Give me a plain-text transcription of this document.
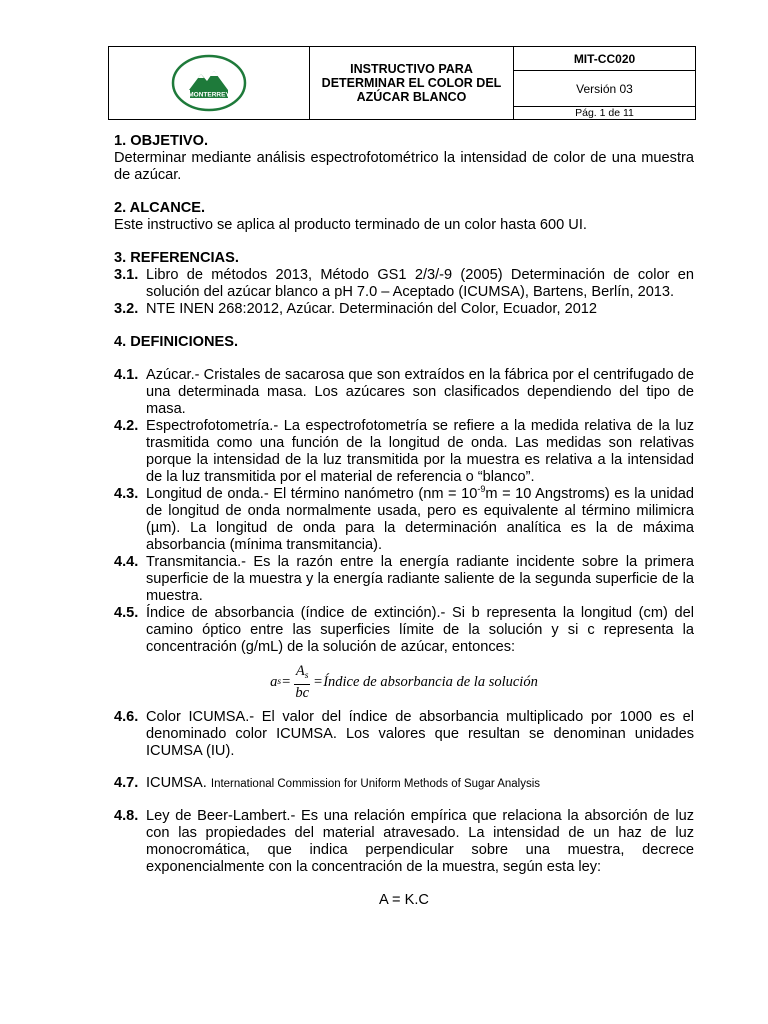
MONTERREY
	INSTRUCTIVO PARA DETERMINAR EL COLOR DEL AZÚCAR BLANCO	MIT-CC020
Versión 03
Pág. 1 de 11

1. OBJETIVO.

Determinar mediante análisis espectrofotométrico la intensidad de color de una muestra de azúcar.

2. ALCANCE.

Este instructivo se aplica al producto terminado de un color hasta 600 UI.

3. REFERENCIAS.

3.1. Libro de métodos 2013, Método GS1 2/3/-9 (2005) Determinación de color en solución del azúcar blanco a pH 7.0 – Aceptado (ICUMSA), Bartens, Berlín, 2013.
3.2. NTE INEN 268:2012, Azúcar. Determinación del Color, Ecuador, 2012

4. DEFINICIONES.

4.1. Azúcar.- Cristales de sacarosa que son extraídos en la fábrica por el centrifugado de una determinada masa. Los azúcares son clasificados dependiendo del tipo de masa.
4.2. Espectrofotometría.- La espectrofotometría se refiere a la medida relativa de la luz trasmitida como una función de la longitud de onda. Las medidas son relativas porque la intensidad de la luz transmitida por la muestra es relativa a la intensidad de la luz transmitida por el material de referencia o “blanco”.
4.3. Longitud de onda.- El término nanómetro ($nm = 10^{-9}m = 10$ Angstroms) es la unidad de longitud de onda normalmente usada, pero es equivalente al término milimicra (µm). La longitud de onda para la determinación analítica es la de máxima absorbancia (mínima transmitancia).
4.4. Transmitancia.- Es la razón entre la energía radiante incidente sobre la primera superficie de la muestra y la energía radiante saliente de la segunda superficie de la muestra.
4.5. Índice de absorbancia (índice de extinción).- Si b representa la longitud (cm) del camino óptico entre las superficies límite de la solución y si c representa la concentración (g/mL) de la solución de azúcar, entonces:
a $s = \frac{A_s}{bc}$ = Índice de absorbancia de la solución
4.6. Color ICUMSA.- El valor del índice de absorbancia multiplicado por 1000 es el denominado color ICUMSA. Los valores que resultan se denominan unidades ICUMSA (IU).
4.7. ICUMSA. International Commission for Uniform Methods of Sugar Analysis
4.8. Ley de Beer-Lambert.- Es una relación empírica que relaciona la absorción de luz con las propiedades del material atravesado. La intensidad de un haz de luz monocromática, que indica perpendicular sobre una muestra, decrece exponencialmente con la concentración de la muestra, según esta ley:

A = K.C
